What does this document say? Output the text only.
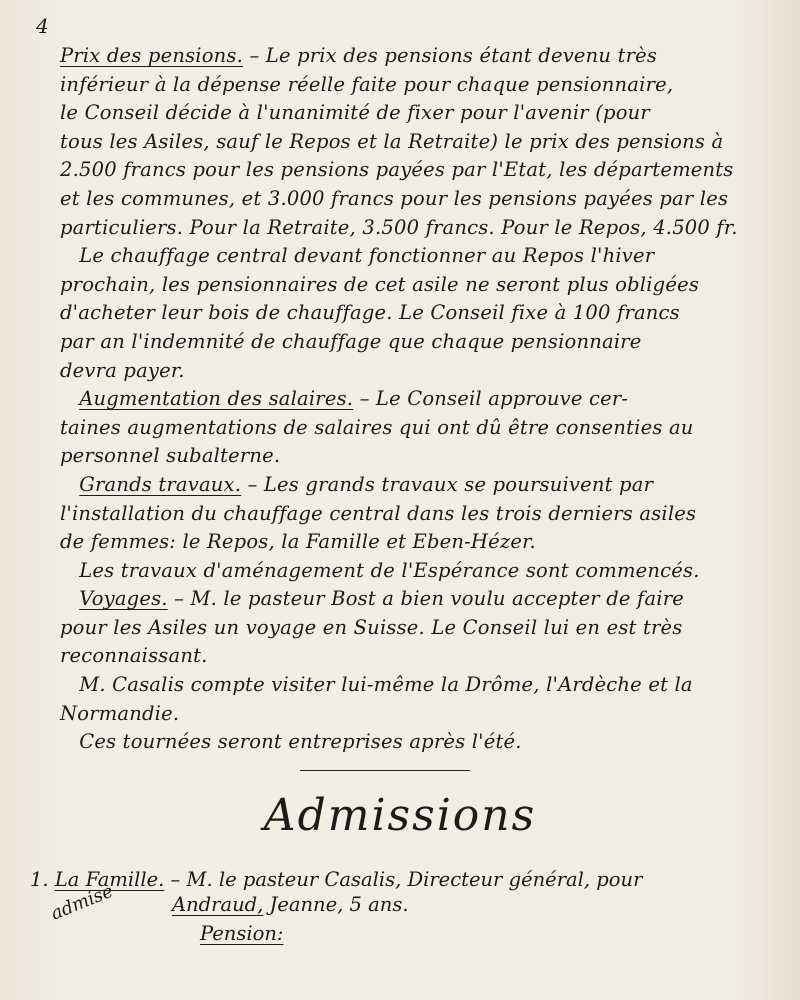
4

Prix des pensions. – Le prix des pensions étant devenu très

inférieur à la dépense réelle faite pour chaque pensionnaire,

le Conseil décide à l'unanimité de fixer pour l'avenir (pour

tous les Asiles, sauf le Repos et la Retraite) le prix des pensions à

2.500 francs pour les pensions payées par l'Etat, les départements

et les communes, et 3.000 francs pour les pensions payées par les

particuliers. Pour la Retraite, 3.500 francs. Pour le Repos, 4.500 fr.

Le chauffage central devant fonctionner au Repos l'hiver

prochain, les pensionnaires de cet asile ne seront plus obligées

d'acheter leur bois de chauffage. Le Conseil fixe à 100 francs

par an l'indemnité de chauffage que chaque pensionnaire

devra payer.

Augmentation des salaires. – Le Conseil approuve cer-

taines augmentations de salaires qui ont dû être consenties au

personnel subalterne.

Grands travaux. – Les grands travaux se poursuivent par

l'installation du chauffage central dans les trois derniers asiles

de femmes: le Repos, la Famille et Eben-Hézer.

Les travaux d'aménagement de l'Espérance sont commencés.

Voyages. – M. le pasteur Bost a bien voulu accepter de faire

pour les Asiles un voyage en Suisse. Le Conseil lui en est très

reconnaissant.

M. Casalis compte visiter lui-même la Drôme, l'Ardèche et la

Normandie.

Ces tournées seront entreprises après l'été.

Admissions
1. La Famille. – M. le pasteur Casalis, Directeur général, pour
admise	Andraud, Jeanne, 5 ans.
Pension:
